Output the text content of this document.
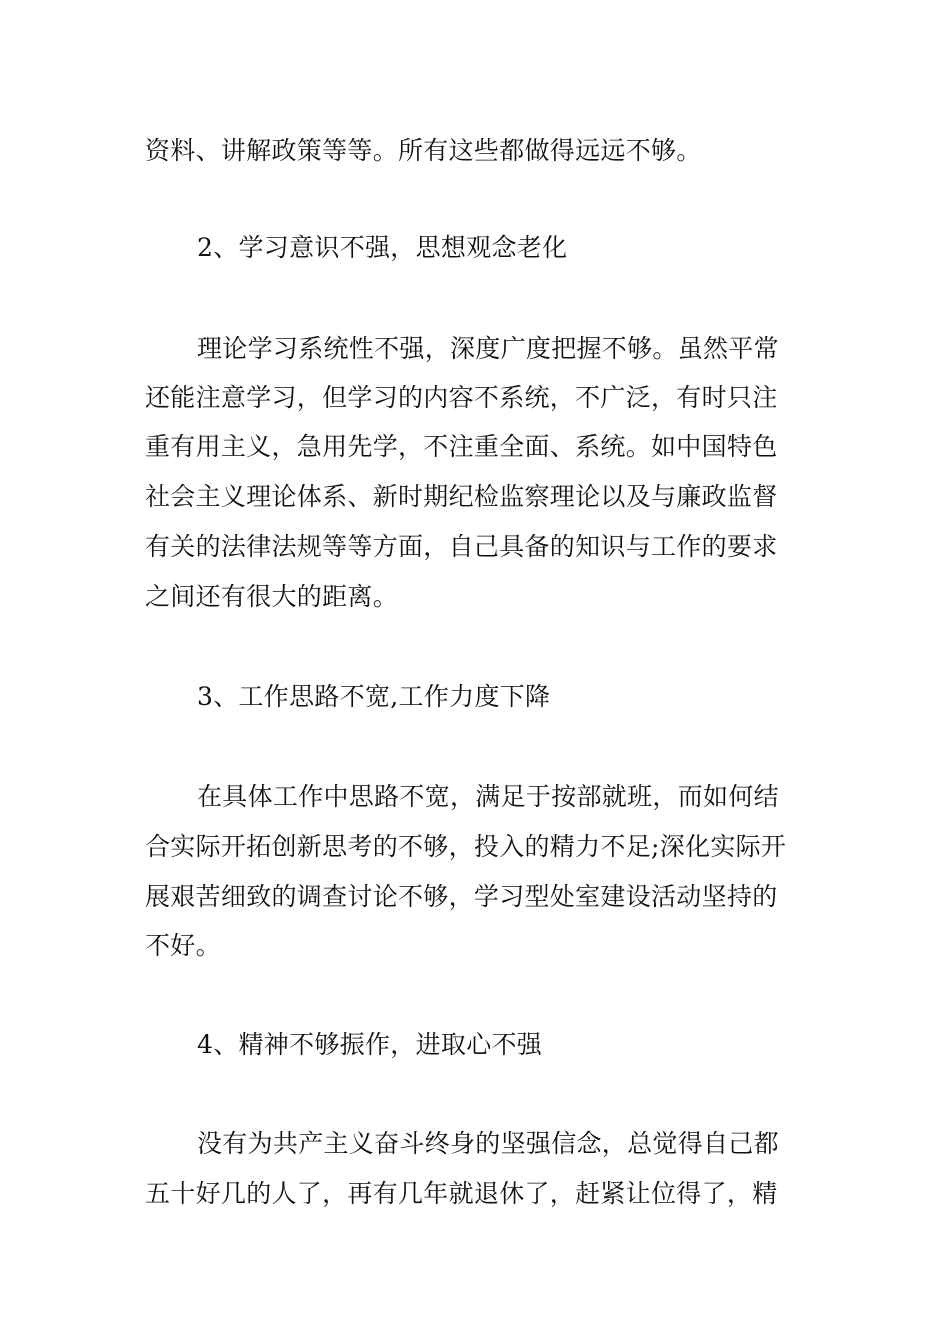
资料、讲解政策等等。所有这些都做得远远不够。
2、学习意识不强，思想观念老化
理论学习系统性不强，深度广度把握不够。虽然平常
还能注意学习，但学习的内容不系统，不广泛，有时只注
重有用主义，急用先学，不注重全面、系统。如中国特色
社会主义理论体系、新时期纪检监察理论以及与廉政监督
有关的法律法规等等方面，自己具备的知识与工作的要求
之间还有很大的距离。
3、工作思路不宽,工作力度下降
在具体工作中思路不宽，满足于按部就班，而如何结
合实际开拓创新思考的不够，投入的精力不足;深化实际开
展艰苦细致的调查讨论不够，学习型处室建设活动坚持的
不好。
4、精神不够振作，进取心不强
没有为共产主义奋斗终身的坚强信念，总觉得自己都
五十好几的人了，再有几年就退休了，赶紧让位得了，精
